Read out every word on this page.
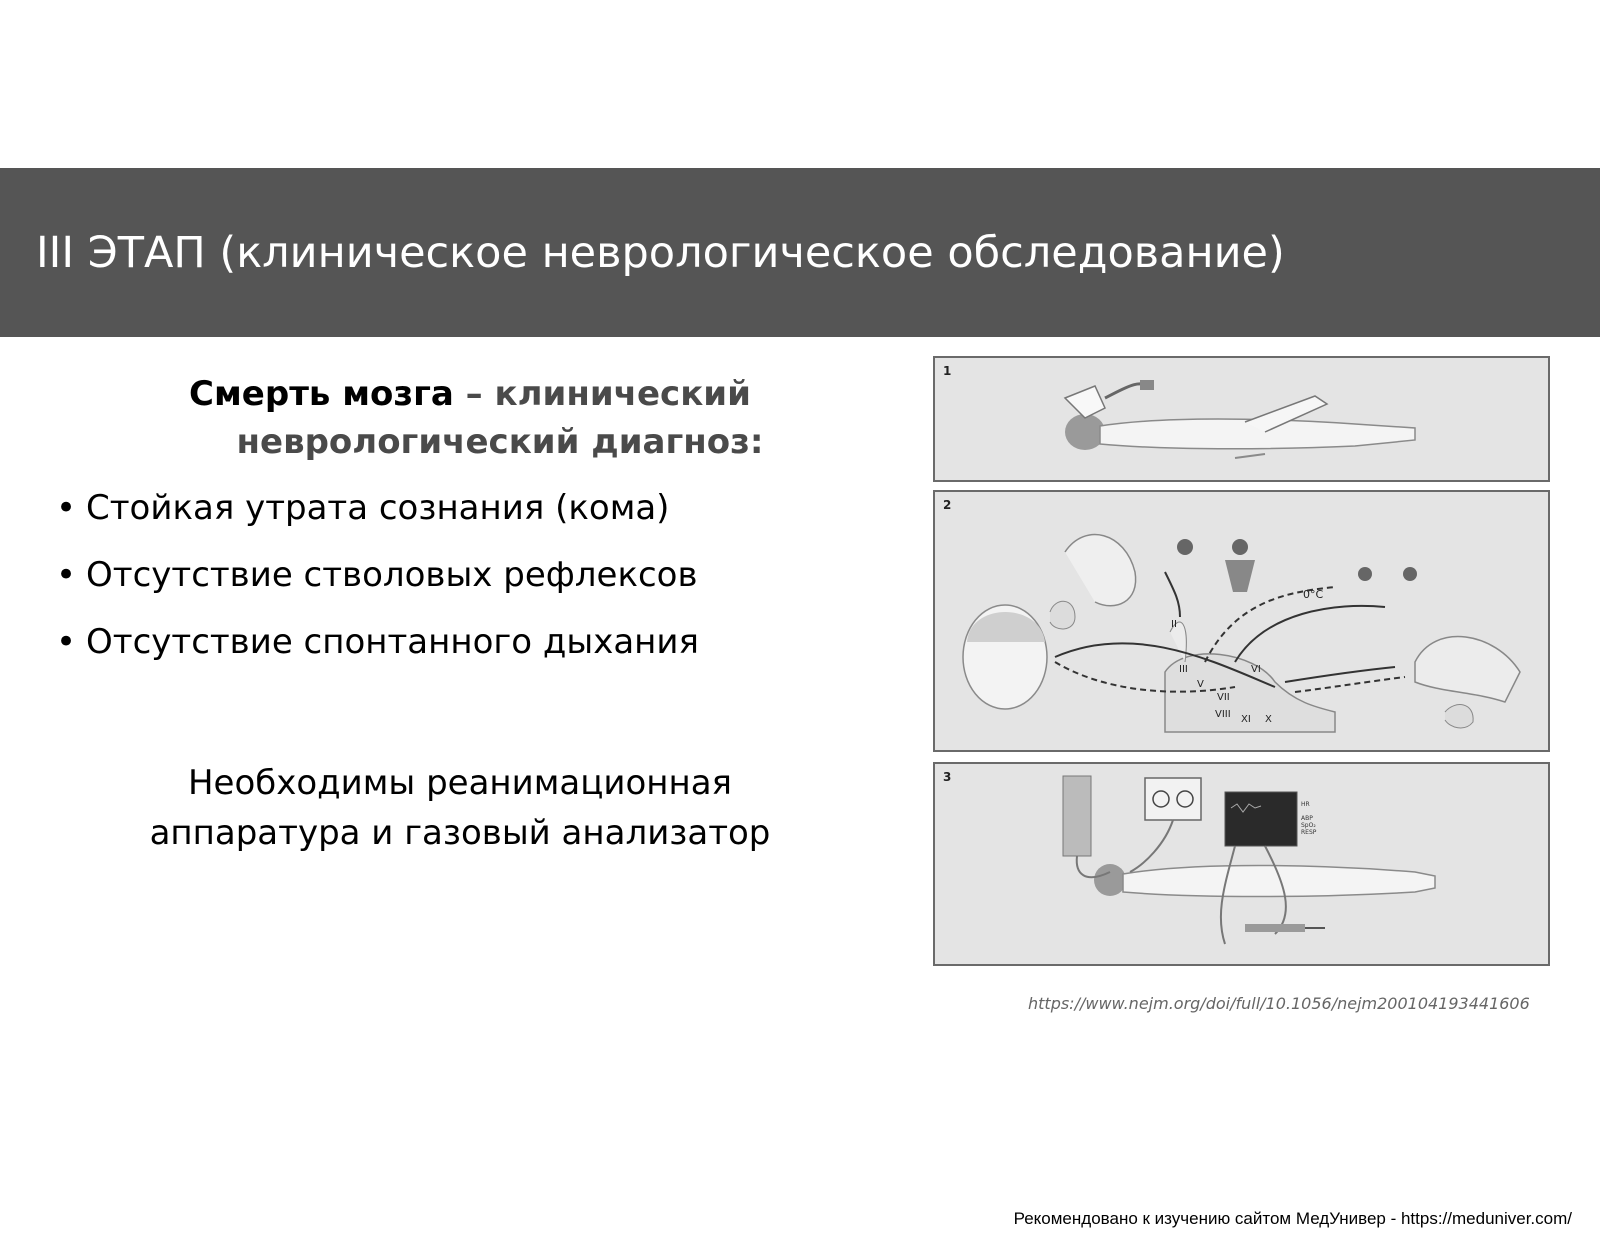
III ЭТАП (клиническое неврологическое обследование)
Смерть мозга – клинический
неврологический диагноз:
• Стойкая утрата сознания (кома)
• Отсутствие стволовых рефлексов
• Отсутствие спонтанного дыхания
Необходимы реанимационная
аппаратура и газовый анализатор
1
2
0°C
II
III
V
VI
VII
VIII XI X
3
HR
ABP
SpO₂
RESP
https://www.nejm.org/doi/full/10.1056/nejm200104193441606
Рекомендовано к изучению сайтом МедУнивер - https://meduniver.com/
